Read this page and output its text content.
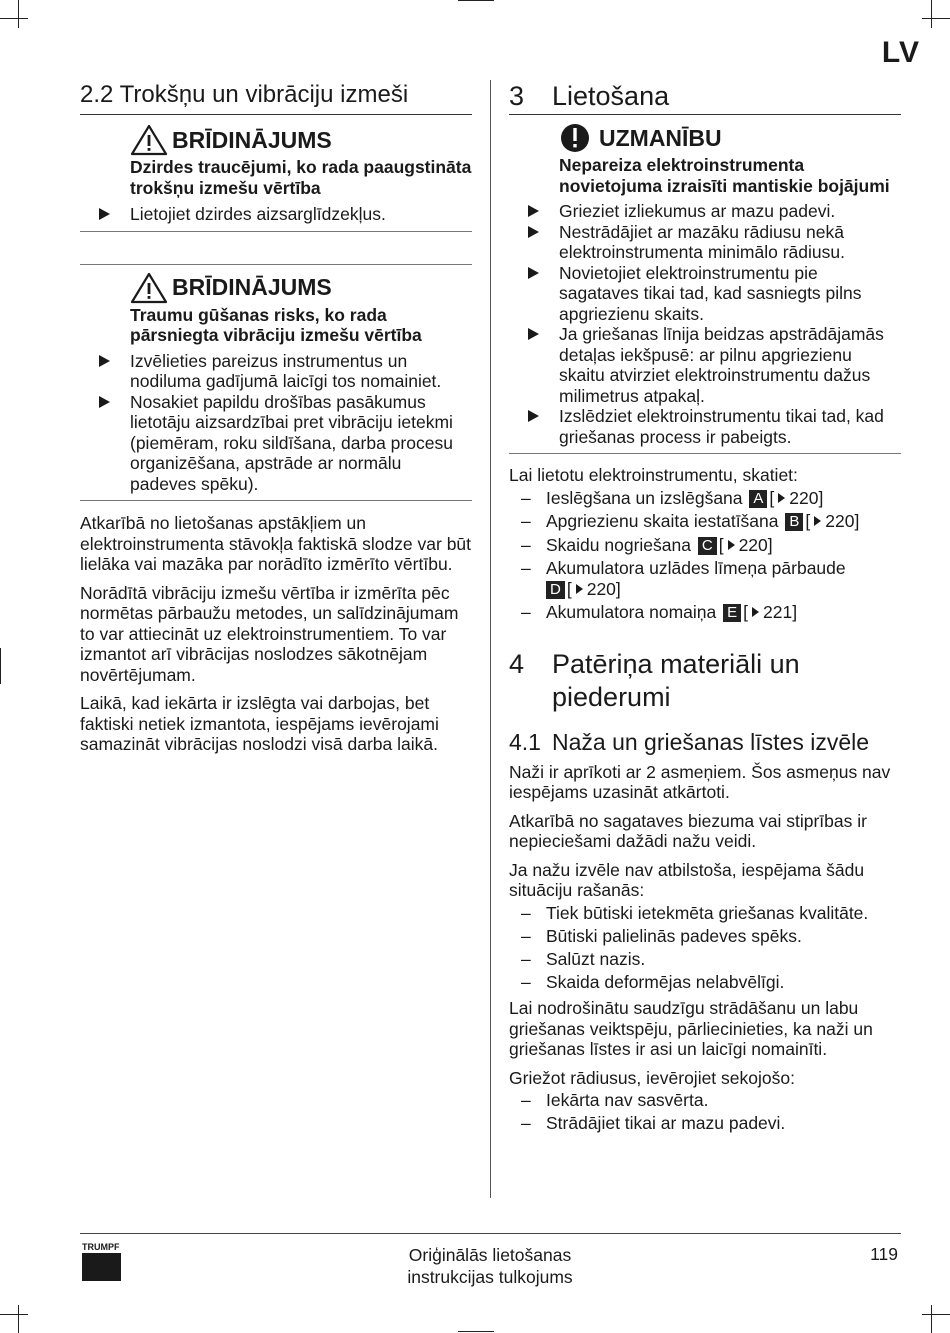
LV
2.2 Trokšņu un vibrāciju izmeši
BRĪDINĀJUMS
Dzirdes traucējumi, ko rada paaugstināta trokšņu izmešu vērtība
Lietojiet dzirdes aizsarglīdzekļus.
BRĪDINĀJUMS
Traumu gūšanas risks, ko rada pārsniegta vibrāciju izmešu vērtība
Izvēlieties pareizus instrumentus un nodiluma gadījumā laicīgi tos nomainiet.
Nosakiet papildu drošības pasākumus lietotāju aizsardzībai pret vibrāciju ietekmi (piemēram, roku sildīšana, darba procesu organizēšana, apstrāde ar normālu padeves spēku).

Atkarībā no lietošanas apstākļiem un elektroinstrumenta stāvokļa faktiskā slodze var būt lielāka vai mazāka par norādīto izmērīto vērtību.

Norādītā vibrāciju izmešu vērtība ir izmērīta pēc normētas pārbaužu metodes, un salīdzinājumam to var attiecināt uz elektroinstrumentiem. To var izmantot arī vibrācijas noslodzes sākotnējam novērtējumam.

Laikā, kad iekārta ir izslēgta vai darbojas, bet faktiski netiek izmantota, iespējams ievērojami samazināt vibrācijas noslodzi visā darba laikā.

3 Lietošana
UZMANĪBU
Nepareiza elektroinstrumenta novietojuma izraisīti mantiskie bojājumi
Grieziet izliekumus ar mazu padevi.
Nestrādājiet ar mazāku rādiusu nekā elektroinstrumenta minimālo rādiusu.
Novietojiet elektroinstrumentu pie sagataves tikai tad, kad sasniegts pilns apgriezienu skaits.
Ja griešanas līnija beidzas apstrādājamās detaļas iekšpusē: ar pilnu apgriezienu skaitu atvirziet elektroinstrumentu dažus milimetrus atpakaļ.
Izslēdziet elektroinstrumentu tikai tad, kad griešanas process ir pabeigts.

Lai lietotu elektroinstrumentu, skatiet:

– Ieslēgšana un izslēgšana A [ 220]
– Apgriezienu skaita iestatīšana B [ 220]
– Skaidu nogriešana C [ 220]
– Akumulatora uzlādes līmeņa pārbaude
D [ 220]
– Akumulatora nomaiņa E [ 221]
4	Patēriņa materiāli un piederumi
4.1 Naža un griešanas līstes izvēle

Naži ir aprīkoti ar 2 asmeņiem. Šos asmeņus nav iespējams uzasināt atkārtoti.

Atkarībā no sagataves biezuma vai stiprības ir nepieciešami dažādi nažu veidi.

Ja nažu izvēle nav atbilstoša, iespējama šādu situāciju rašanās:

– Tiek būtiski ietekmēta griešanas kvalitāte.
– Būtiski palielinās padeves spēks.
– Salūzt nazis.
– Skaida deformējas nelabvēlīgi.

Lai nodrošinātu saudzīgu strādāšanu un labu griešanas veiktspēju, pārliecinieties, ka naži un griešanas līstes ir asi un laicīgi nomainīti.

Griežot rādiusus, ievērojiet sekojošo:

– Iekārta nav sasvērta.
– Strādājiet tikai ar mazu padevi.
TRUMPF	Oriģinālās lietošanas
instrukcijas tulkojums
119
